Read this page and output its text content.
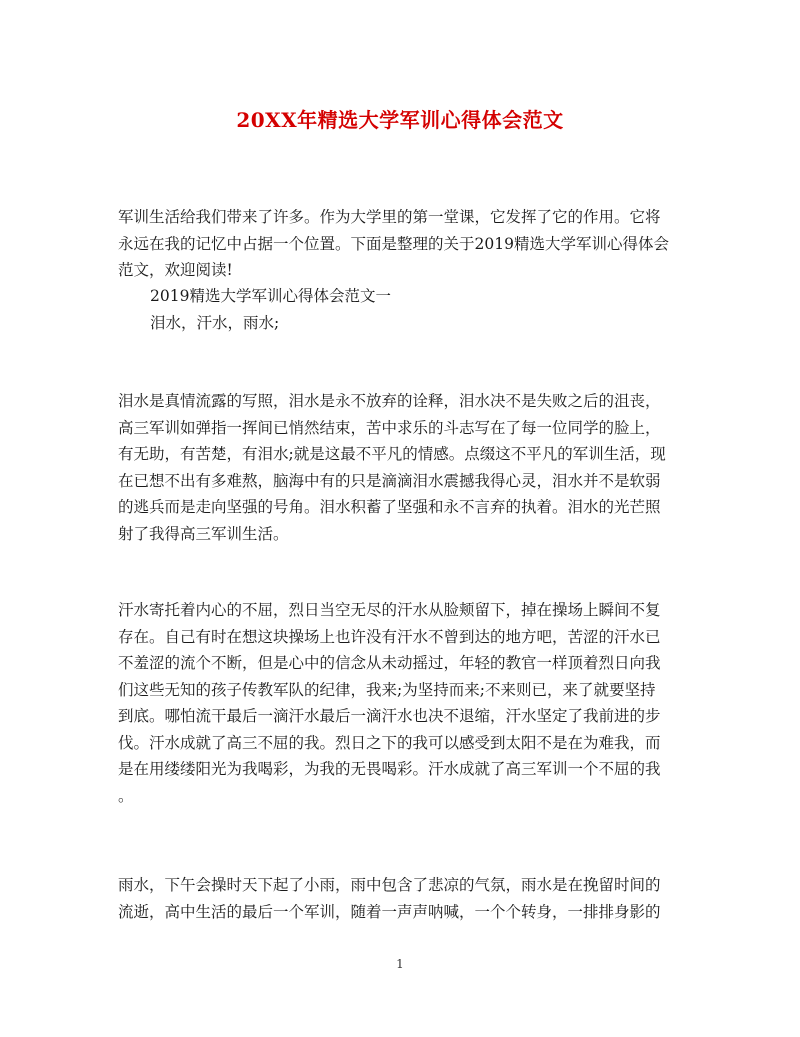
20XX年精选大学军训心得体会范文
军训生活给我们带来了许多。作为大学里的第一堂课，它发挥了它的作用。它将
永远在我的记忆中占据一个位置。下面是整理的关于2019精选大学军训心得体会
范文，欢迎阅读!
2019精选大学军训心得体会范文一
泪水，汗水，雨水;
泪水是真情流露的写照，泪水是永不放弃的诠释，泪水决不是失败之后的沮丧，
高三军训如弹指一挥间已悄然结束，苦中求乐的斗志写在了每一位同学的脸上，
有无助，有苦楚，有泪水;就是这最不平凡的情感。点缀这不平凡的军训生活，现
在已想不出有多难熬，脑海中有的只是滴滴泪水震撼我得心灵，泪水并不是软弱
的逃兵而是走向坚强的号角。泪水积蓄了坚强和永不言弃的执着。泪水的光芒照
射了我得高三军训生活。
汗水寄托着内心的不屈，烈日当空无尽的汗水从脸颊留下，掉在操场上瞬间不复
存在。自己有时在想这块操场上也许没有汗水不曾到达的地方吧，苦涩的汗水已
不羞涩的流个不断，但是心中的信念从未动摇过，年轻的教官一样顶着烈日向我
们这些无知的孩子传教军队的纪律，我来;为坚持而来;不来则已，来了就要坚持
到底。哪怕流干最后一滴汗水最后一滴汗水也决不退缩，汗水坚定了我前进的步
伐。汗水成就了高三不屈的我。烈日之下的我可以感受到太阳不是在为难我，而
是在用缕缕阳光为我喝彩，为我的无畏喝彩。汗水成就了高三军训一个不屈的我
。
雨水，下午会操时天下起了小雨，雨中包含了悲凉的气氛，雨水是在挽留时间的
流逝，高中生活的最后一个军训，随着一声声呐喊，一个个转身，一排排身影的
1
